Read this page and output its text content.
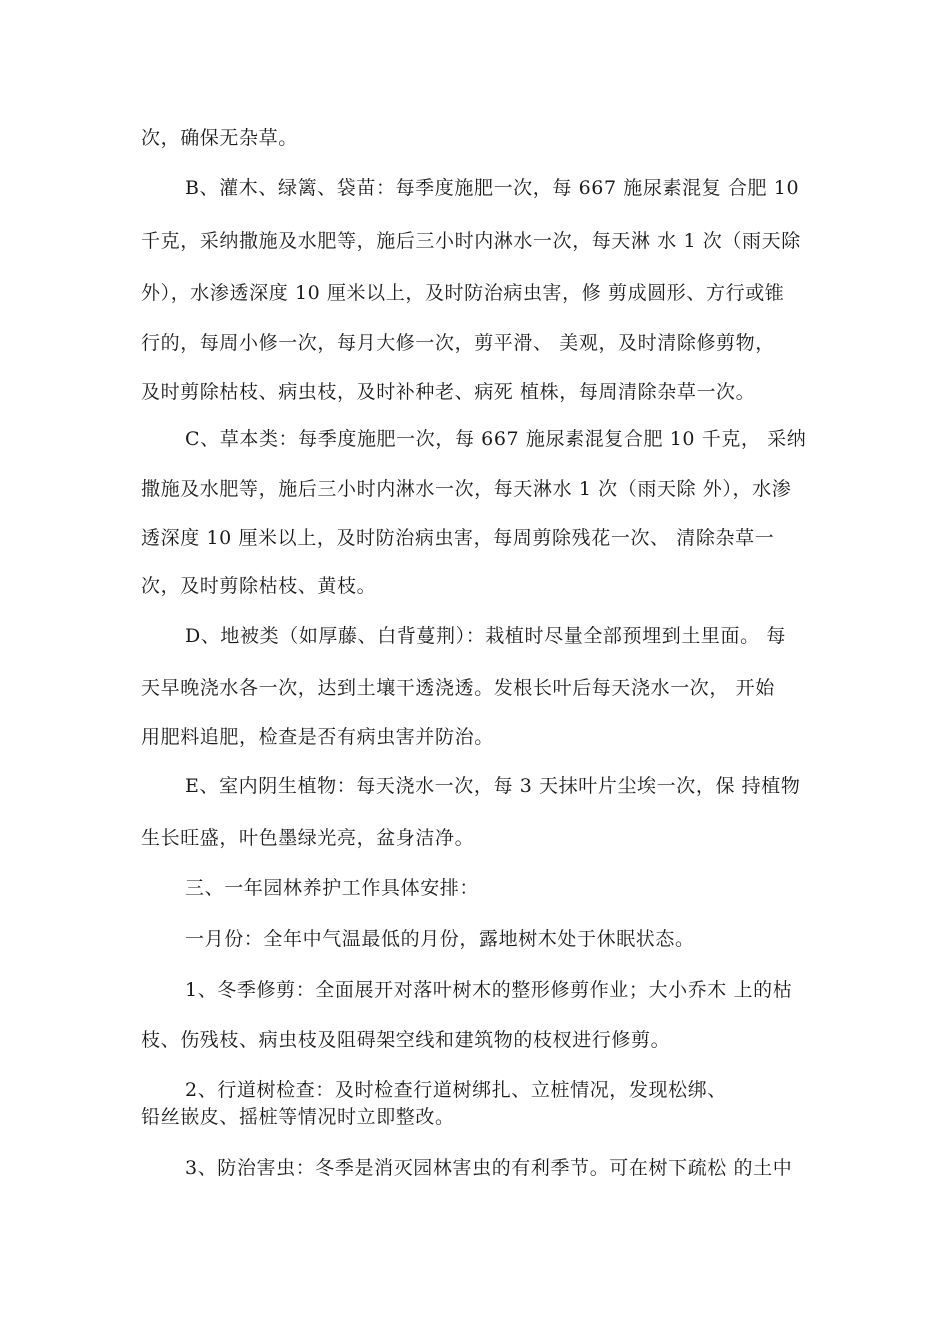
次，确保无杂草。
B、灌木、绿篱、袋苗：每季度施肥一次，每 667 施尿素混复 合肥 10
千克，采纳撒施及水肥等，施后三小时内淋水一次，每天淋 水 1 次（雨天除
外），水渗透深度 10 厘米以上，及时防治病虫害，修 剪成圆形、方行或锥
行的，每周小修一次，每月大修一次，剪平滑、 美观，及时清除修剪物，
及时剪除枯枝、病虫枝，及时补种老、病死 植株，每周清除杂草一次。
C、草本类：每季度施肥一次，每 667 施尿素混复合肥 10 千克， 采纳
撒施及水肥等，施后三小时内淋水一次，每天淋水 1 次（雨天除 外），水渗
透深度 10 厘米以上，及时防治病虫害，每周剪除残花一次、 清除杂草一
次，及时剪除枯枝、黄枝。
D、地被类（如厚藤、白背蔓荆）：栽植时尽量全部预埋到土里面。 每
天早晚浇水各一次，达到土壤干透浇透。发根长叶后每天浇水一次， 开始
用肥料追肥，检查是否有病虫害并防治。
E、室内阴生植物：每天浇水一次，每 3 天抹叶片尘埃一次，保 持植物
生长旺盛，叶色墨绿光亮，盆身洁净。
三、一年园林养护工作具体安排：
一月份：全年中气温最低的月份，露地树木处于休眠状态。
1、冬季修剪：全面展开对落叶树木的整形修剪作业；大小乔木 上的枯
枝、伤残枝、病虫枝及阻碍架空线和建筑物的枝杈进行修剪。
2、行道树检查：及时检查行道树绑扎、立桩情况，发现松绑、
铅丝嵌皮、摇桩等情况时立即整改。
3、防治害虫：冬季是消灭园林害虫的有利季节。可在树下疏松 的土中
